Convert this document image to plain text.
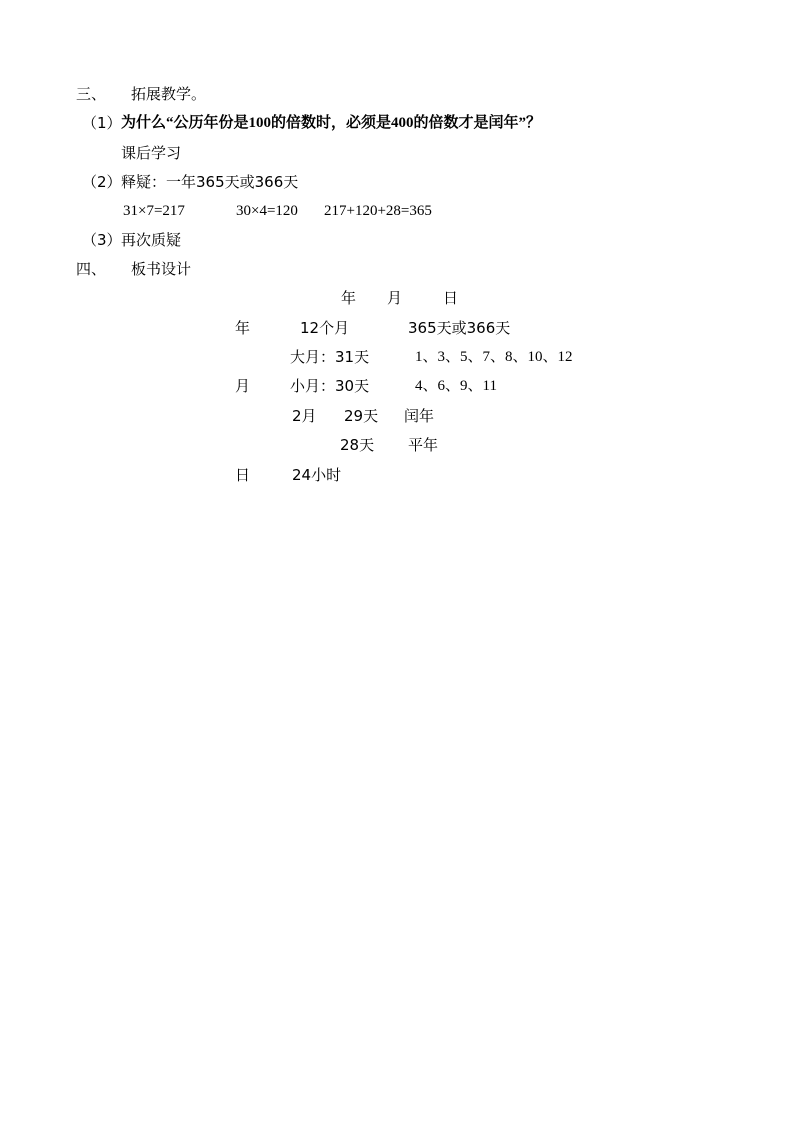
三、 拓展教学。
（1） 为什么“公历年份是100的倍数时，必须是400的倍数才是闰年”？
课后学习
（2） 释疑：一年365天或366天
31×7=217	30×4=120 217+120+28=365
（3） 再次质疑
四、 板书设计
年 月	日
年	12个月	365天或366天
大月：31天	1、3、5、7、8、10、12
月	小月：30天	4、6、9、11
2月 29天 闰年
28天 平年
日	24小时
